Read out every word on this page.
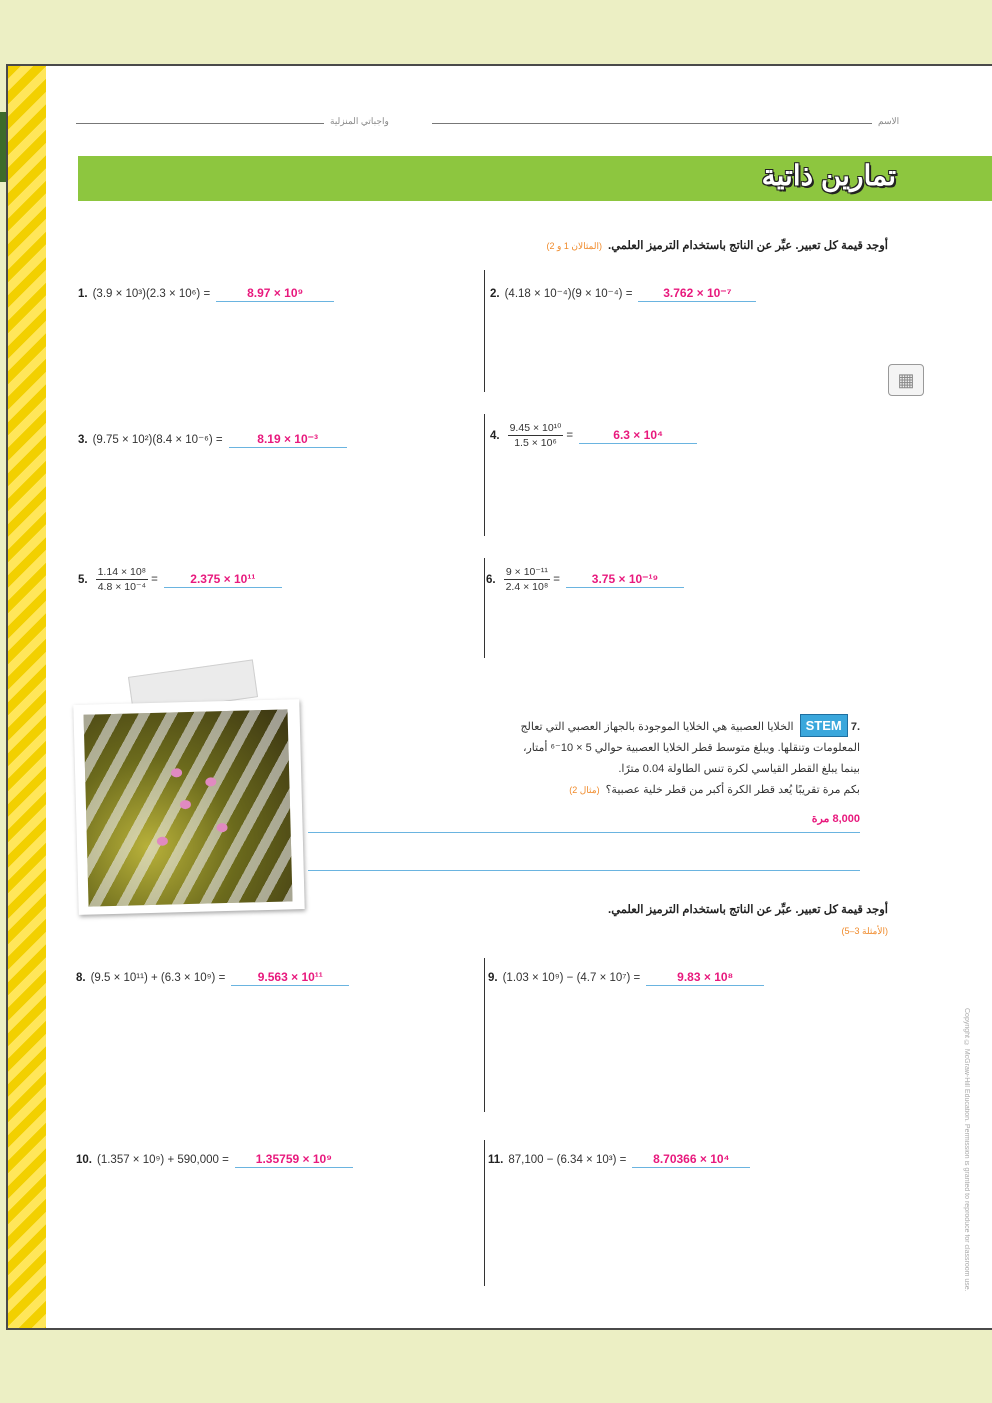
واجباتي المنزلية	الاسم
تمارين ذاتية
أوجد قيمة كل تعبير. عبِّر عن الناتج باستخدام الترميز العلمي.(المثالان 1 و 2)
▦
1. (3.9 × 10³)(2.3 × 10⁶) =	8.97 × 10⁹	2. (4.18 × 10⁻⁴)(9 × 10⁻⁴) =	3.762 × 10⁻⁷
3. (9.75 × 10²)(8.4 × 10⁻⁶) =	8.19 × 10⁻³	4. $\frac{\text{9.45 × 10¹⁰}}{\text{1.5 × 10⁶}}$ =	6.3 × 10⁴
5. $\frac{\text{1.14 × 10⁸}}{\text{4.8 × 10⁻⁴}}$ =	2.375 × 10¹¹	6. $\frac{\text{9 × 10⁻¹¹}}{\text{2.4 × 10⁸}}$ =	3.75 × 10⁻¹⁹
.7 STEMالخلايا العصبية هي الخلايا الموجودة بالجهاز العصبي التي تعالج
المعلومات وتنقلها. ويبلغ متوسط قطر الخلايا العصبية حوالي 5 × 10⁻⁶ أمتار،
بينما يبلغ القطر القياسي لكرة تنس الطاولة 0.04 مترًا.
بكم مرة تقريبًا يُعد قطر الكرة أكبر من قطر خلية عصبية؟(مثال 2)
8,000 مرة
أوجد قيمة كل تعبير. عبِّر عن الناتج باستخدام الترميز العلمي.
(الأمثلة 3–5)
8. (9.5 × 10¹¹) + (6.3 × 10⁹) =	9.563 × 10¹¹	9. (1.03 × 10⁹) − (4.7 × 10⁷) =	9.83 × 10⁸
10. (1.357 × 10⁹) + 590,000 = 1.35759 × 10⁹	11. 87,100 − (6.34 × 10³) = 8.70366 × 10⁴	Copyright © McGraw-Hill Education. Permission is granted to reproduce for classroom use.
